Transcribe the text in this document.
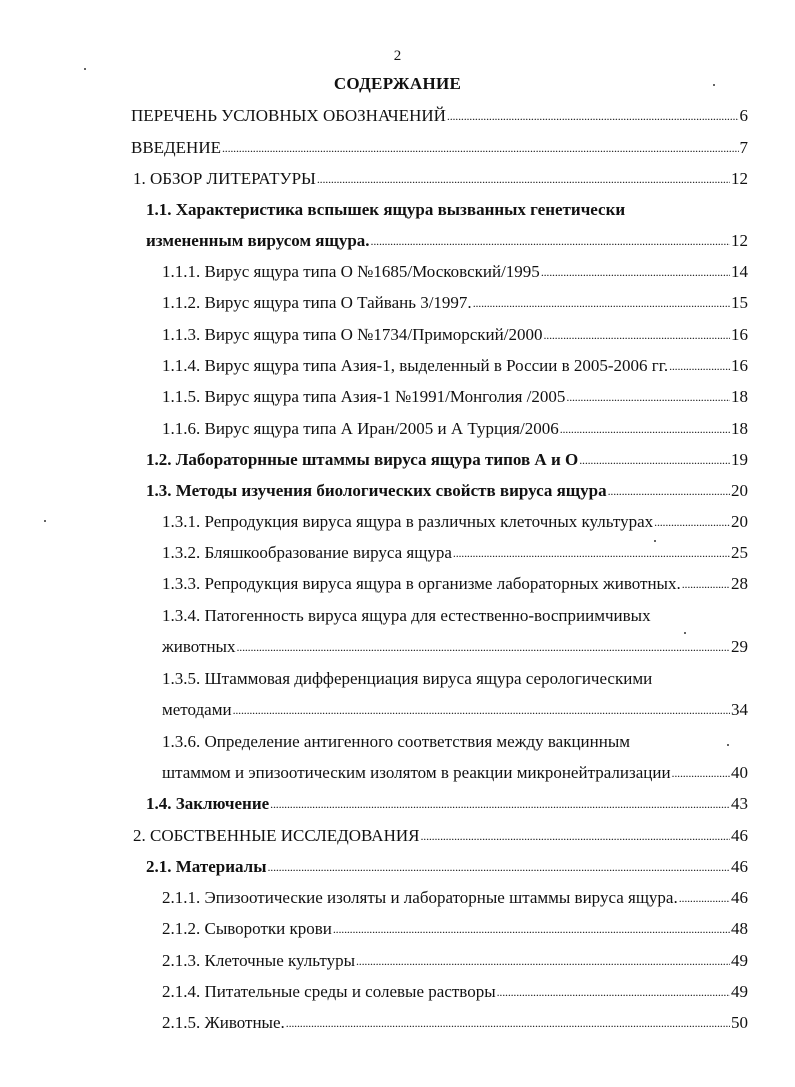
2
СОДЕРЖАНИЕ
ПЕРЕЧЕНЬ УСЛОВНЫХ ОБОЗНАЧЕНИЙ . . .	6
ВВЕДЕНИЕ . . .	7
1. ОБЗОР ЛИТЕРАТУРЫ . . .	12
1.1. Характеристика вспышек ящура вызванных генетически
измененным вирусом ящура. . . .	12
1.1.1. Вирус ящура типа О №1685/Московский/1995 . . .	14
1.1.2. Вирус ящура типа О Тайвань 3/1997. . . .	15
1.1.3. Вирус ящура типа О №1734/Приморский/2000 . . .	16
1.1.4. Вирус ящура типа Азия-1, выделенный в России в 2005-2006 гг. . . .	16
1.1.5. Вирус ящура типа Азия-1 №1991/Монголия /2005 . . .	18
1.1.6. Вирус ящура типа А Иран/2005 и А Турция/2006 . . .	18
1.2. Лабораторнные штаммы вируса ящура типов А и О . . .	19
1.3. Методы изучения биологических свойств вируса ящура . . .	20
1.3.1. Репродукция вируса ящура в различных клеточных культурах . . .	20
1.3.2. Бляшкообразование вируса ящура . . .	25
1.3.3. Репродукция вируса ящура в организме лабораторных животных. . . .	28
1.3.4. Патогенность вируса ящура для естественно-восприимчивых
животных . . .	29
1.3.5. Штаммовая дифференциация вируса ящура серологическими
методами . . .	34
1.3.6. Определение антигенного соответствия между вакцинным
штаммом и эпизоотическим изолятом в реакции микронейтрализации . . .	40
1.4. Заключение . . .	43
2. СОБСТВЕННЫЕ ИССЛЕДОВАНИЯ . . .	46
2.1. Материалы . . .	46
2.1.1. Эпизоотические изоляты и лабораторные штаммы вируса ящура. . . .	46
2.1.2. Сыворотки крови . . .	48
2.1.3. Клеточные культуры . . .	49
2.1.4. Питательные среды и солевые растворы . . .	49
2.1.5. Животные. . . .	50
